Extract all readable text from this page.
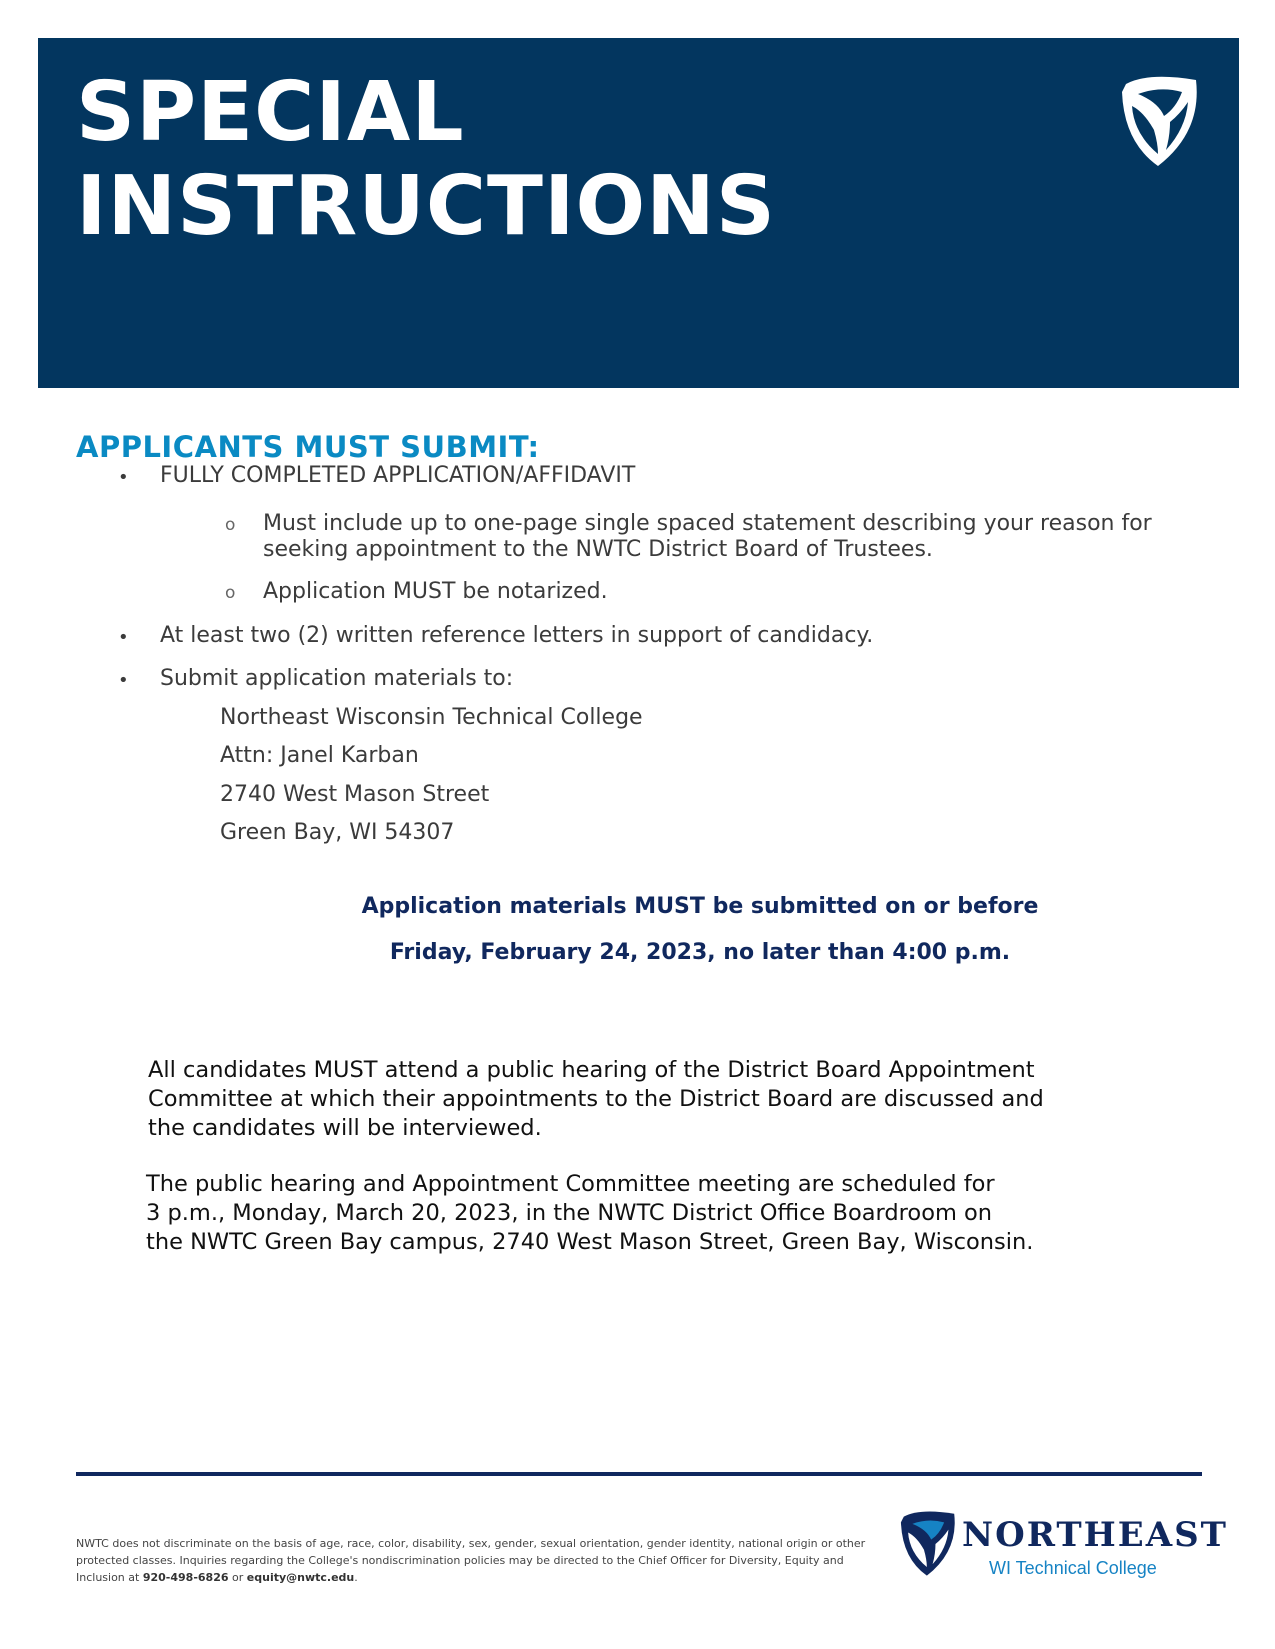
SPECIAL
INSTRUCTIONS
APPLICANTS MUST SUBMIT:
• FULLY COMPLETED APPLICATION/AFFIDAVIT

o Must include up to one-page single spaced statement describing your reason for

seeking appointment to the NWTC District Board of Trustees.

o Application MUST be notarized.

• At least two (2) written reference letters in support of candidacy.

• Submit application materials to:

Northeast Wisconsin Technical College

Attn: Janel Karban

2740 West Mason Street

Green Bay, WI 54307

Application materials MUST be submitted on or before

Friday, February 24, 2023, no later than 4:00 p.m.

All candidates MUST attend a public hearing of the District Board Appointment

Committee at which their appointments to the District Board are discussed and

the candidates will be interviewed.

The public hearing and Appointment Committee meeting are scheduled for

3 p.m., Monday, March 20, 2023, in the NWTC District Office Boardroom on

the NWTC Green Bay campus, 2740 West Mason Street, Green Bay, Wisconsin.

NWTC does not discriminate on the basis of age, race, color, disability, sex, gender, sexual orientation, gender identity, national origin or other protected classes. Inquiries regarding the College's nondiscrimination policies may be directed to the Chief Officer for Diversity, Equity and Inclusion at 920-498-6826 or equity@nwtc.edu.

NORTHEAST

WI Technical College
